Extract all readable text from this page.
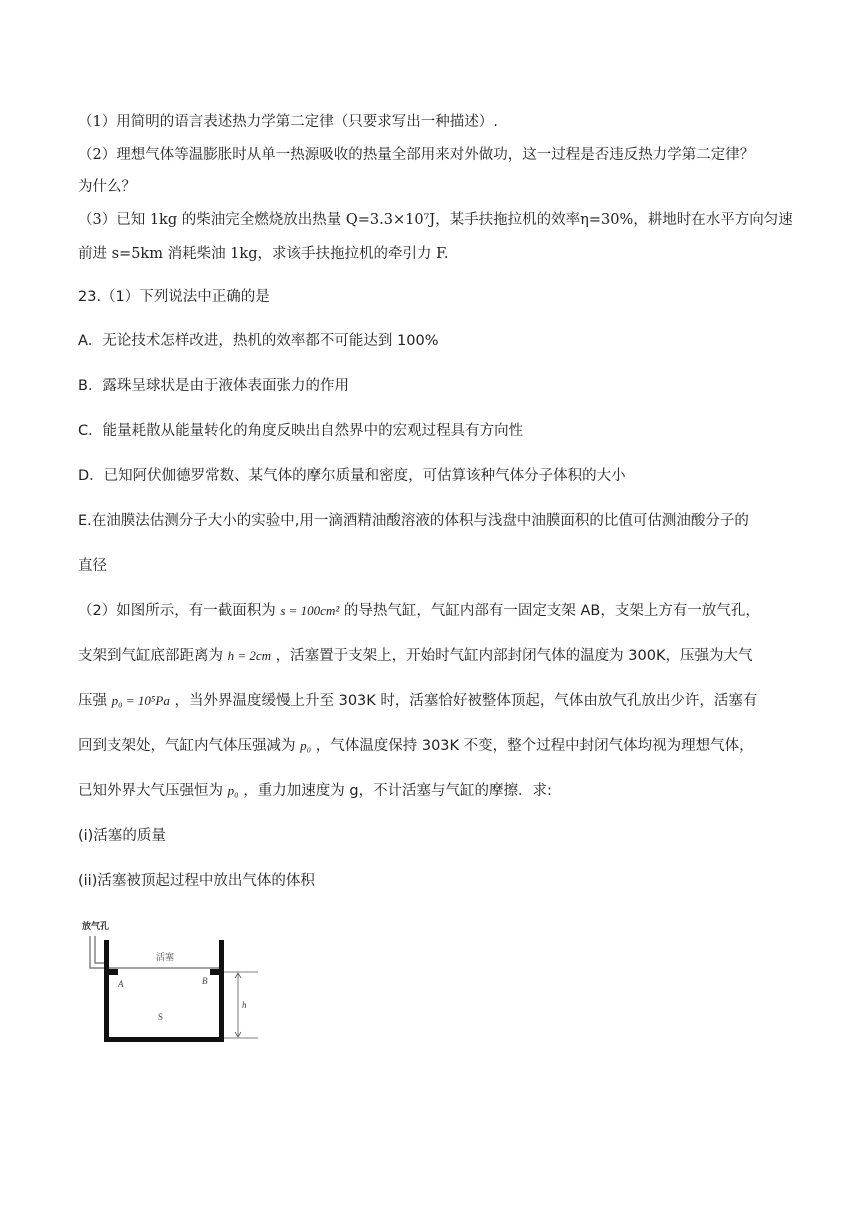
（1）用简明的语言表述热力学第二定律（只要求写出一种描述）.
（2）理想气体等温膨胀时从单一热源吸收的热量全部用来对外做功，这一过程是否违反热力学第二定律？
为什么？
（3）已知 1kg 的柴油完全燃烧放出热量 Q=3.3×10⁷J，某手扶拖拉机的效率η=30%，耕地时在水平方向匀速
前进 s=5km 消耗柴油 1kg，求该手扶拖拉机的牵引力 F.
23.（1）下列说法中正确的是
A．无论技术怎样改进，热机的效率都不可能达到 100%
B．露珠呈球状是由于液体表面张力的作用
C．能量耗散从能量转化的角度反映出自然界中的宏观过程具有方向性
D．已知阿伏伽德罗常数、某气体的摩尔质量和密度，可估算该种气体分子体积的大小
E.在油膜法估测分子大小的实验中,用一滴酒精油酸溶液的体积与浅盘中油膜面积的比值可估测油酸分子的
直径
（2）如图所示，有一截面积为 s = 100cm² 的导热气缸，气缸内部有一固定支架 AB，支架上方有一放气孔，
支架到气缸底部距离为 h = 2cm ，活塞置于支架上，开始时气缸内部封闭气体的温度为 300K，压强为大气
压强 p₀ = 10⁵Pa ，当外界温度缓慢上升至 303K 时，活塞恰好被整体顶起，气体由放气孔放出少许，活塞有
回到支架处，气缸内气体压强减为 p₀ ，气体温度保持 303K 不变，整个过程中封闭气体均视为理想气体，
已知外界大气压强恒为 p₀ ，重力加速度为 g，不计活塞与气缸的摩擦．求:
(i)活塞的质量
(ii)活塞被顶起过程中放出气体的体积
放气孔
活塞
A	B
S
h
